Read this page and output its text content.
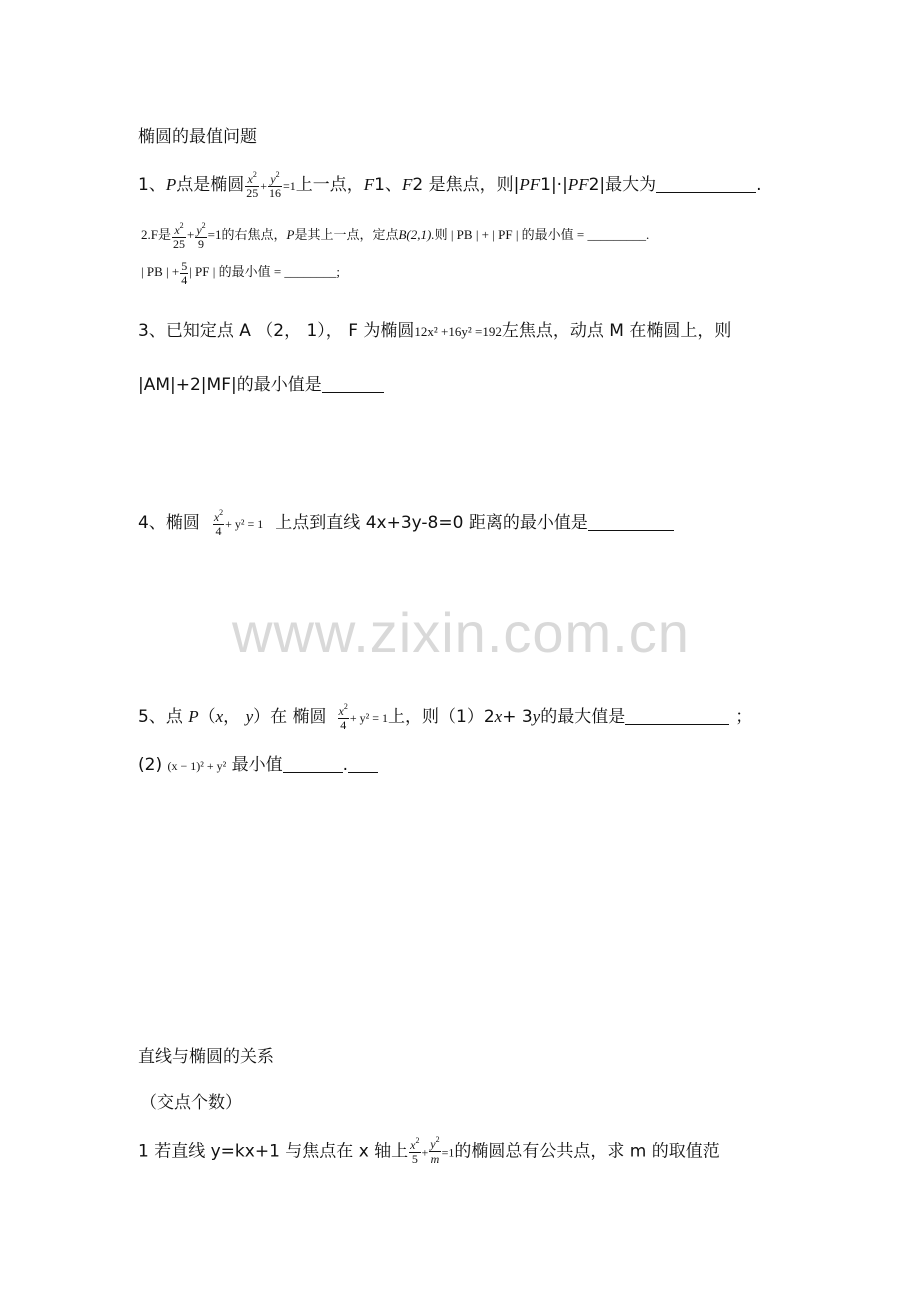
椭圆的最值问题
1、P点是椭圆 $\frac{x^2}{25} + \frac{y^2}{16} =1$上一点，F1、F2 是焦点，则|PF1|·|PF2|最大为	.
2.F是 $\frac{x^2}{25} + \frac{y^2}{9} =1$的右焦点，P是其上一点，定点B(2,1).则 | PB | + | PF | 的最小值 = _________.
| PB | + $\frac{5}{4}$ | PF | 的最小值 = ________;
3、已知定点 A （2， 1）， F 为椭圆12x² +16y² =192左焦点，动点 M 在椭圆上，则
|AM|+2|MF|的最小值是
4、椭圆 $\frac{x^2}{4} + y^2 = 1$ 上点到直线 4x+3y-8=0 距离的最小值是
www.zixin.com.cn
5、点 P（x， y）在 椭圆 $\frac{x^2}{4} + y^2 = 1$上，则（1）2x+ 3y的最大值是	；
(2) (x − 1)² + y² 最小值	.
直线与椭圆的关系
（交点个数）
1 若直线 y=kx+1 与焦点在 x 轴上 $\frac{x^2}{5} + \frac{y^2}{m}=1$的椭圆总有公共点，求 m 的取值范
